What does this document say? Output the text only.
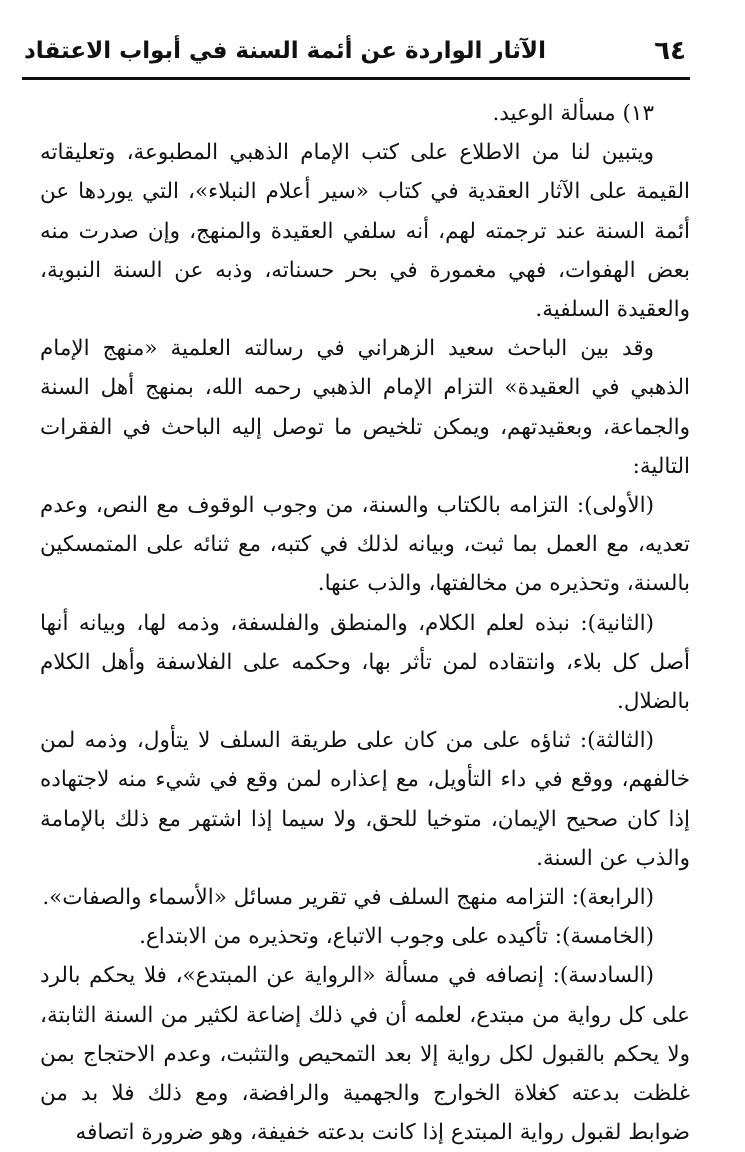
٦٤
الآثار الواردة عن أئمة السنة في أبواب الاعتقاد

١٣) مسألة الوعيد.

ويتبين لنا من الاطلاع على كتب الإمام الذهبي المطبوعة، وتعليقاته القيمة على الآثار العقدية في كتاب «سير أعلام النبلاء»، التي يوردها عن أئمة السنة عند ترجمته لهم، أنه سلفي العقيدة والمنهج، وإن صدرت منه بعض الهفوات، فهي مغمورة في بحر حسناته، وذبه عن السنة النبوية، والعقيدة السلفية.

وقد بين الباحث سعيد الزهراني في رسالته العلمية «منهج الإمام الذهبي في العقيدة» التزام الإمام الذهبي رحمه الله، بمنهج أهل السنة والجماعة، وبعقيدتهم، ويمكن تلخيص ما توصل إليه الباحث في الفقرات التالية:

(الأولى): التزامه بالكتاب والسنة، من وجوب الوقوف مع النص، وعدم تعديه، مع العمل بما ثبت، وبيانه لذلك في كتبه، مع ثنائه على المتمسكين بالسنة، وتحذيره من مخالفتها، والذب عنها.

(الثانية): نبذه لعلم الكلام، والمنطق والفلسفة، وذمه لها، وبيانه أنها أصل كل بلاء، وانتقاده لمن تأثر بها، وحكمه على الفلاسفة وأهل الكلام بالضلال.

(الثالثة): ثناؤه على من كان على طريقة السلف لا يتأول، وذمه لمن خالفهم، ووقع في داء التأويل، مع إعذاره لمن وقع في شيء منه لاجتهاده إذا كان صحيح الإيمان، متوخيا للحق، ولا سيما إذا اشتهر مع ذلك بالإمامة والذب عن السنة.

(الرابعة): التزامه منهج السلف في تقرير مسائل «الأسماء والصفات».

(الخامسة): تأكيده على وجوب الاتباع، وتحذيره من الابتداع.

(السادسة): إنصافه في مسألة «الرواية عن المبتدع»، فلا يحكم بالرد على كل رواية من مبتدع، لعلمه أن في ذلك إضاعة لكثير من السنة الثابتة، ولا يحكم بالقبول لكل رواية إلا بعد التمحيص والتثبت، وعدم الاحتجاج بمن غلظت بدعته كغلاة الخوارج والجهمية والرافضة، ومع ذلك فلا بد من ضوابط لقبول رواية المبتدع إذا كانت بدعته خفيفة، وهو ضرورة اتصافه
